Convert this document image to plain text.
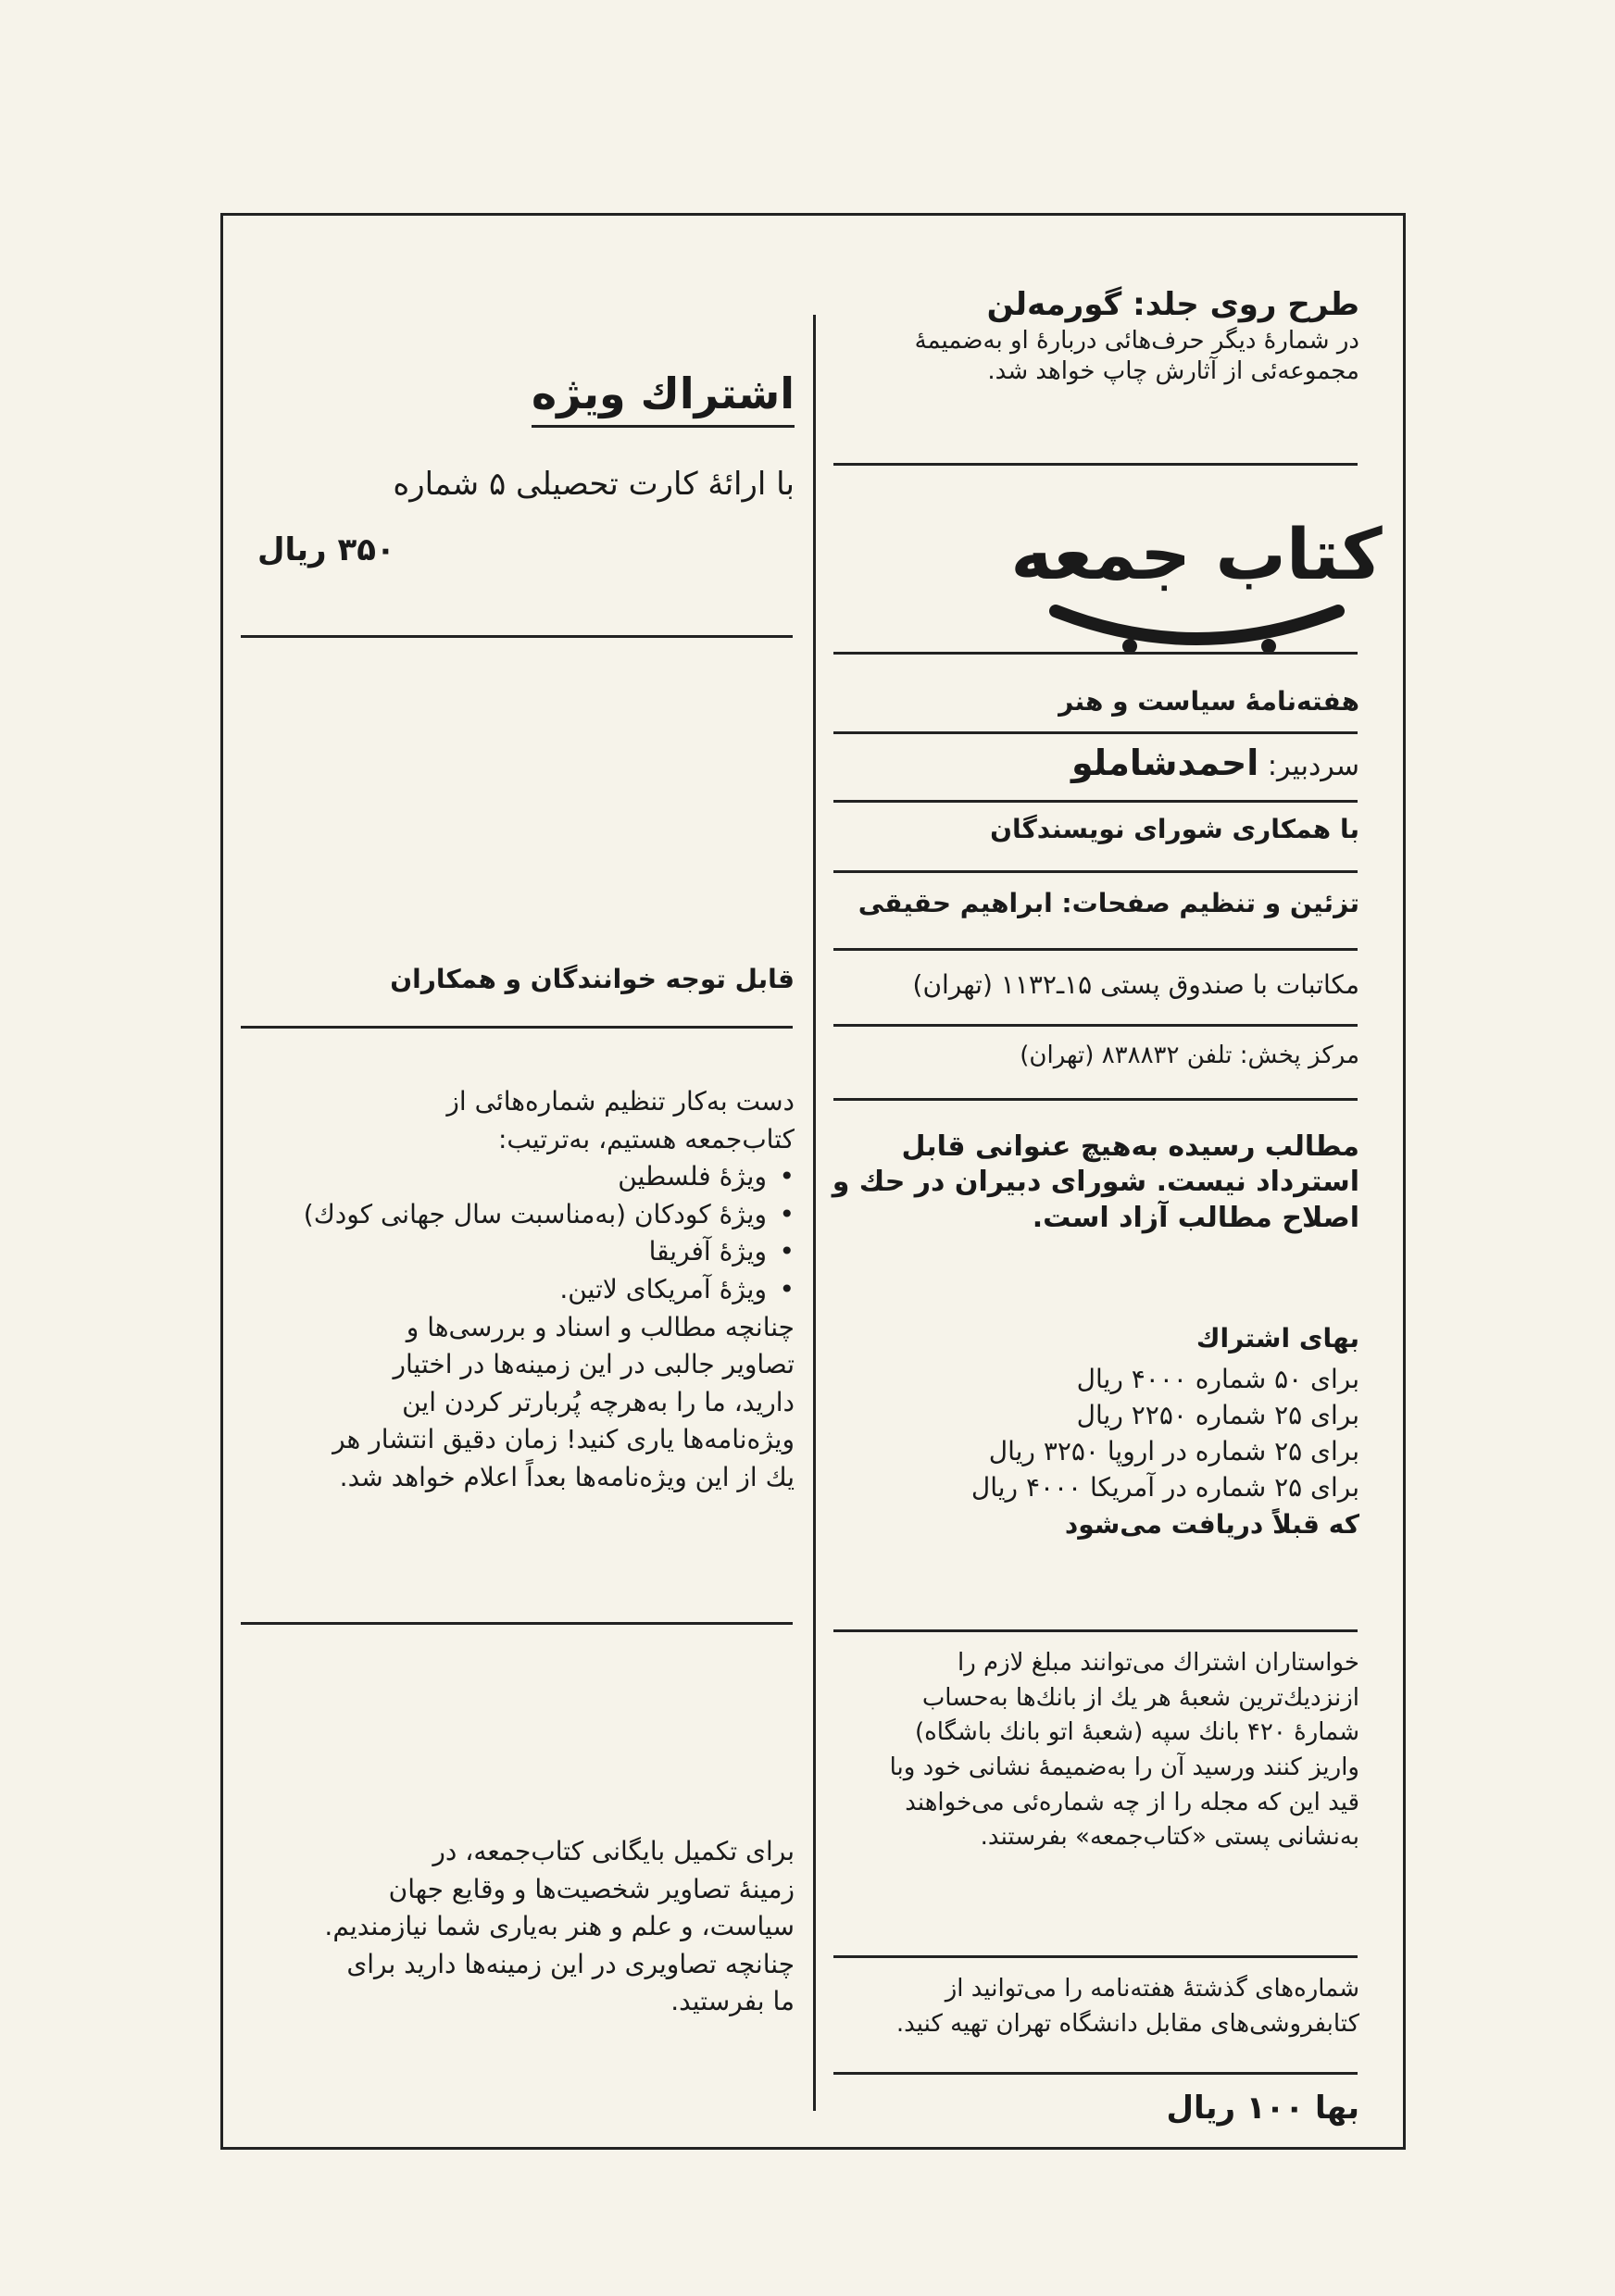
طرح روی جلد: گورمه‌لن

در شمارهٔ دیگر حرف‌هائی دربارهٔ او به‌ضمیمهٔ

مجموعه‌ئی از آثارش چاپ خواهد شد.

کتاب جمعه

هفته‌نامهٔ سیاست و هنر

سردبیر: احمدشاملو

با همکاری شورای نویسندگان

تزئین و تنظیم صفحات: ابراهیم حقیقی

مکاتبات با صندوق پستی ۱۵ـ۱۱۳۲ (تهران)

مرکز پخش: تلفن ۸۳۸۸۳۲ (تهران)

مطالب رسیده به‌هیچ عنوانی قابل

استرداد نیست. شورای دبیران در حك و

اصلاح مطالب آزاد است.

بهای اشتراك

برای ۵۰ شماره ۴۰۰۰ ریال

برای ۲۵ شماره ۲۲۵۰ ریال

برای ۲۵ شماره در اروپا ۳۲۵۰ ریال

برای ۲۵ شماره در آمریکا ۴۰۰۰ ریال

که قبلاً دریافت می‌شود

خواستاران اشتراك می‌توانند مبلغ لازم را

ازنزدیك‌ترین شعبهٔ هر یك از بانك‌ها به‌حساب

شمارهٔ ۴۲۰ بانك سپه (شعبهٔ اتو بانك باشگاه)

واریز کنند ورسید آن را به‌ضمیمهٔ نشانی خود وبا

قید این که مجله را از چه شماره‌ئی می‌خواهند

به‌نشانی پستی «کتاب‌جمعه» بفرستند.

شماره‌های گذشتهٔ هفته‌نامه را می‌توانید از

کتابفروشی‌های مقابل دانشگاه تهران تهیه کنید.

بها ۱۰۰ ریال

اشتراك ویژه

با ارائهٔ کارت تحصیلی ۵ شماره

۳۵۰ ریال

قابل توجه خوانندگان و همکاران

دست به‌کار تنظیم شماره‌هائی از

کتاب‌جمعه هستیم، به‌ترتیب:

•
ویژهٔ فلسطین
•
ویژهٔ کودکان (به‌مناسبت سال جهانی کودك)
•
ویژهٔ آفریقا
•
ویژهٔ آمریکای لاتین.

چنانچه مطالب و اسناد و بررسی‌ها و

تصاویر جالبی در این زمینه‌ها در اختیار

دارید، ما را به‌هرچه پُربارتر کردن این

ویژه‌نامه‌ها یاری کنید! زمان دقیق انتشار هر

یك از این ویژه‌نامه‌ها بعداً اعلام خواهد شد.

برای تکمیل بایگانی کتاب‌جمعه، در

زمینهٔ تصاویر شخصیت‌ها و وقایع جهان

سیاست، و علم و هنر به‌یاری شما نیازمندیم.

چنانچه تصاویری در این زمینه‌ها دارید برای

ما بفرستید.
